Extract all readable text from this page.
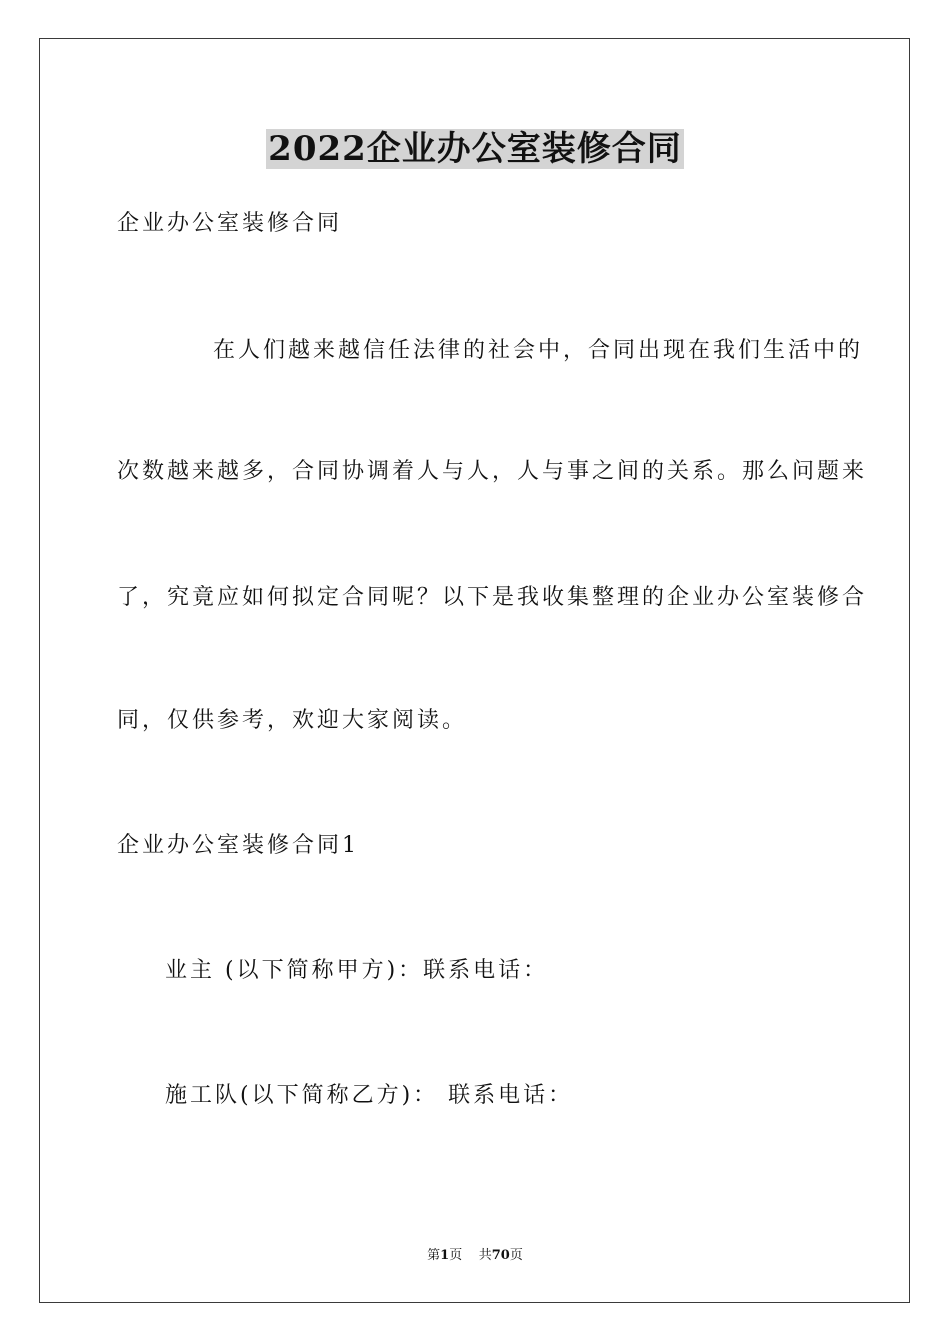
2022企业办公室装修合同
企业办公室装修合同
在人们越来越信任法律的社会中，合同出现在我们生活中的
次数越来越多，合同协调着人与人，人与事之间的关系。那么问题来
了，究竟应如何拟定合同呢？以下是我收集整理的企业办公室装修合
同，仅供参考，欢迎大家阅读。
企业办公室装修合同1
业主 (以下简称甲方)：联系电话：
施工队(以下简称乙方)： 联系电话：
第1页 共70页
